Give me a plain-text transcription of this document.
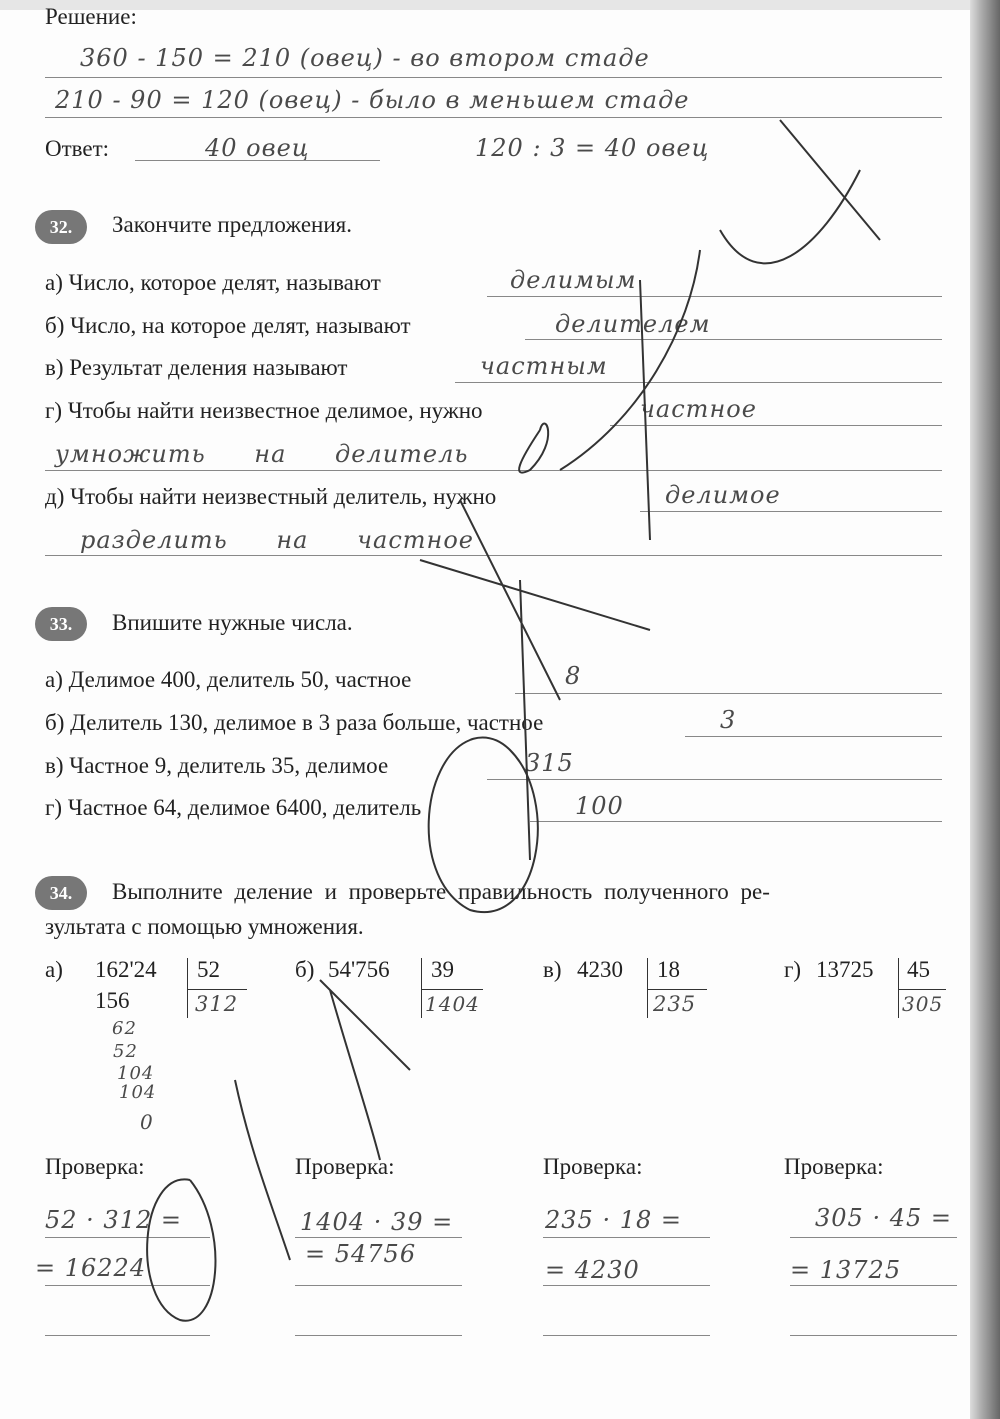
Решение:
360 - 150 = 210 (овец) - во втором стаде
210 - 90 = 120 (овец) - было в меньшем стаде
Ответ:	40 овец	120 : 3 = 40 овец
32.	Закончите предложения.
а) Число, которое делят, называют	делимым
б) Число, на которое делят, называют	делителем
в) Результат деления называют	частным
г) Чтобы найти неизвестное делимое, нужно	частное
умножить на делитель
д) Чтобы найти неизвестный делитель, нужно	делимое
разделить на частное
33.	Впишите нужные числа.
а) Делимое 400, делитель 50, частное	8
б) Делитель 130, делимое в 3 раза больше, частное	3
в) Частное 9, делитель 35, делимое	315
г) Частное 64, делимое 6400, делитель	100
34.	Выполните деление и проверьте правильность полученного ре-
зультата с помощью умножения.
а) 162'24 52
312
156
62
52
104
104
0
б) 54'756 39
1404
в) 4230 18
235
г) 13725 45
305
Проверка:
52 · 312 =
= 16224
Проверка:
1404 · 39 =
= 54756
Проверка:
235 · 18 =
= 4230
Проверка:
305 · 45 =
= 13725
